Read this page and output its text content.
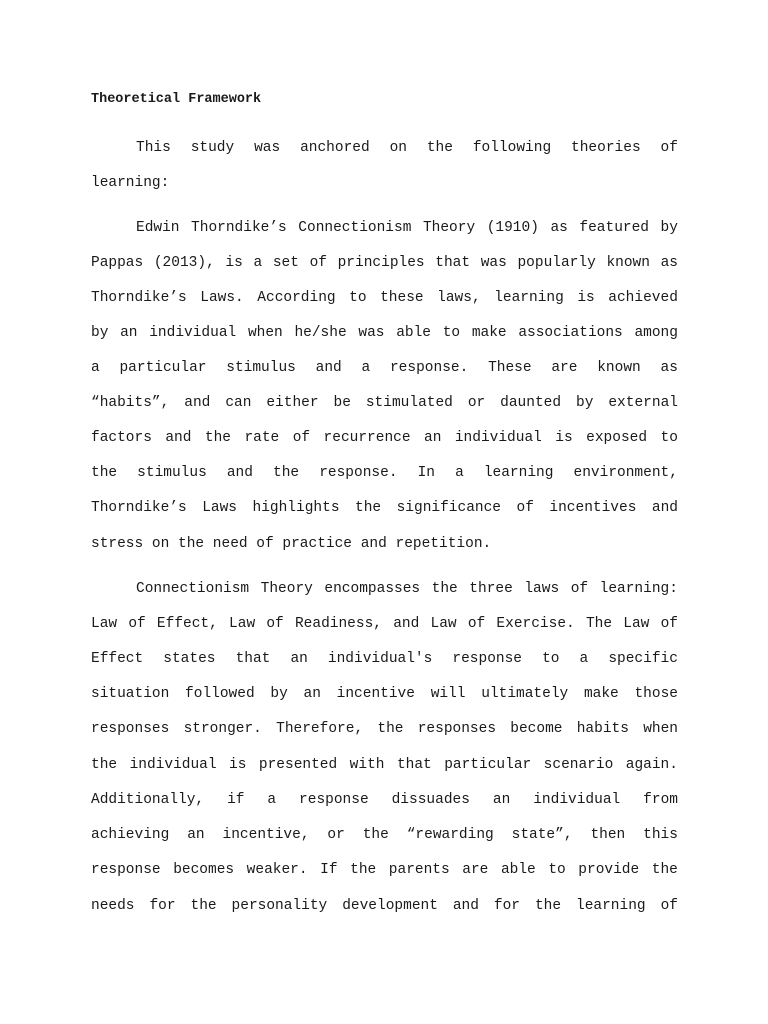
Theoretical Framework
This study was anchored on the following theories of
learning:
Edwin Thorndike’s Connectionism Theory (1910) as featured by
Pappas (2013), is a set of principles that was popularly known as
Thorndike’s Laws. According to these laws, learning is achieved
by an individual when he/she was able to make associations among
a particular stimulus and a response. These are known as
“habits”, and can either be stimulated or daunted by external
factors and the rate of recurrence an individual is exposed to
the stimulus and the response. In a learning environment,
Thorndike’s Laws highlights the significance of incentives and
stress on the need of practice and repetition.
Connectionism Theory encompasses the three laws of learning:
Law of Effect, Law of Readiness, and Law of Exercise. The Law of
Effect states that an individual's response to a specific
situation followed by an incentive will ultimately make those
responses stronger. Therefore, the responses become habits when
the individual is presented with that particular scenario again.
Additionally, if a response dissuades an individual from
achieving an incentive, or the “rewarding state”, then this
response becomes weaker. If the parents are able to provide the
needs for the personality development and for the learning of
